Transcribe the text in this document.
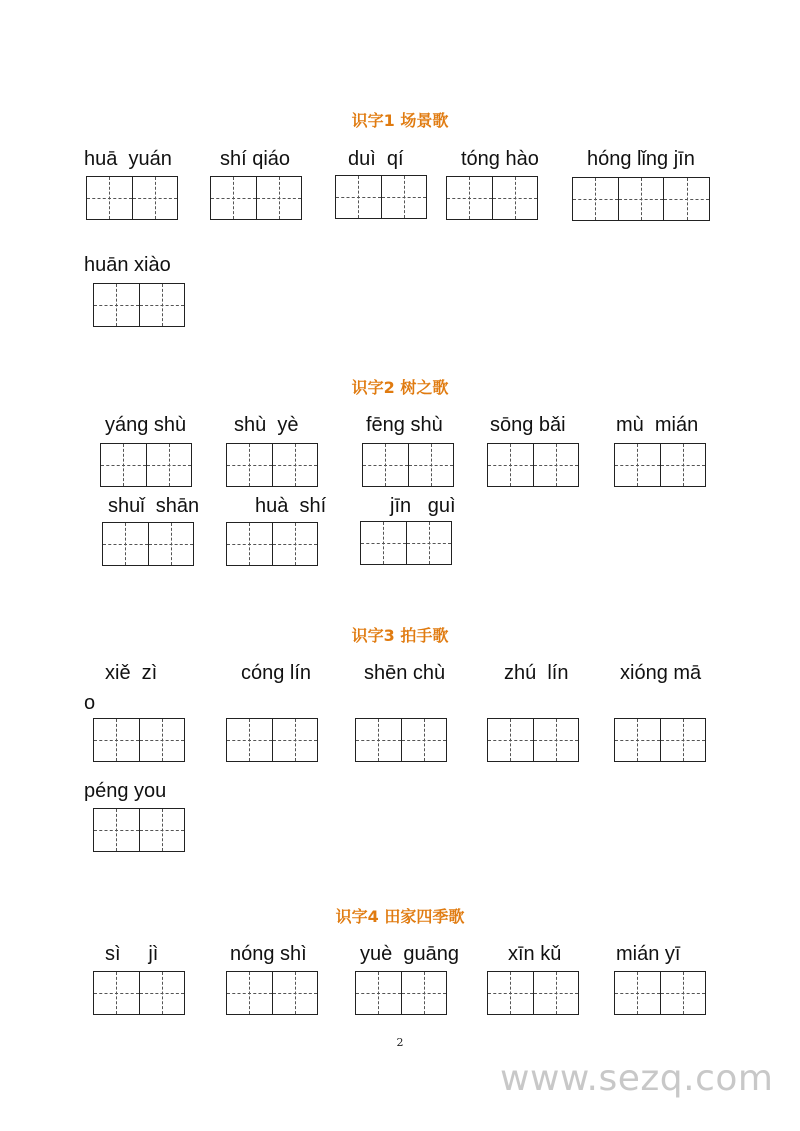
识字1 场景歌
huā  yuán shí qiáo	duì  qí	tóng hào hóng lǐng jīn
huān xiào
识字2 树之歌
yáng shù shù  yè	fēng shù sōng bǎi	mù  mián
shuǐ  shān	huà  shí	jīn   guì
识字3 拍手歌
xiě  zì
o
cóng lín	shēn chù	zhú  lín	xióng mā
péng you
识字4 田家四季歌
sì     jì	nóng shì	yuè  guāng xīn kǔ	mián yī
2
www.sezq.com
